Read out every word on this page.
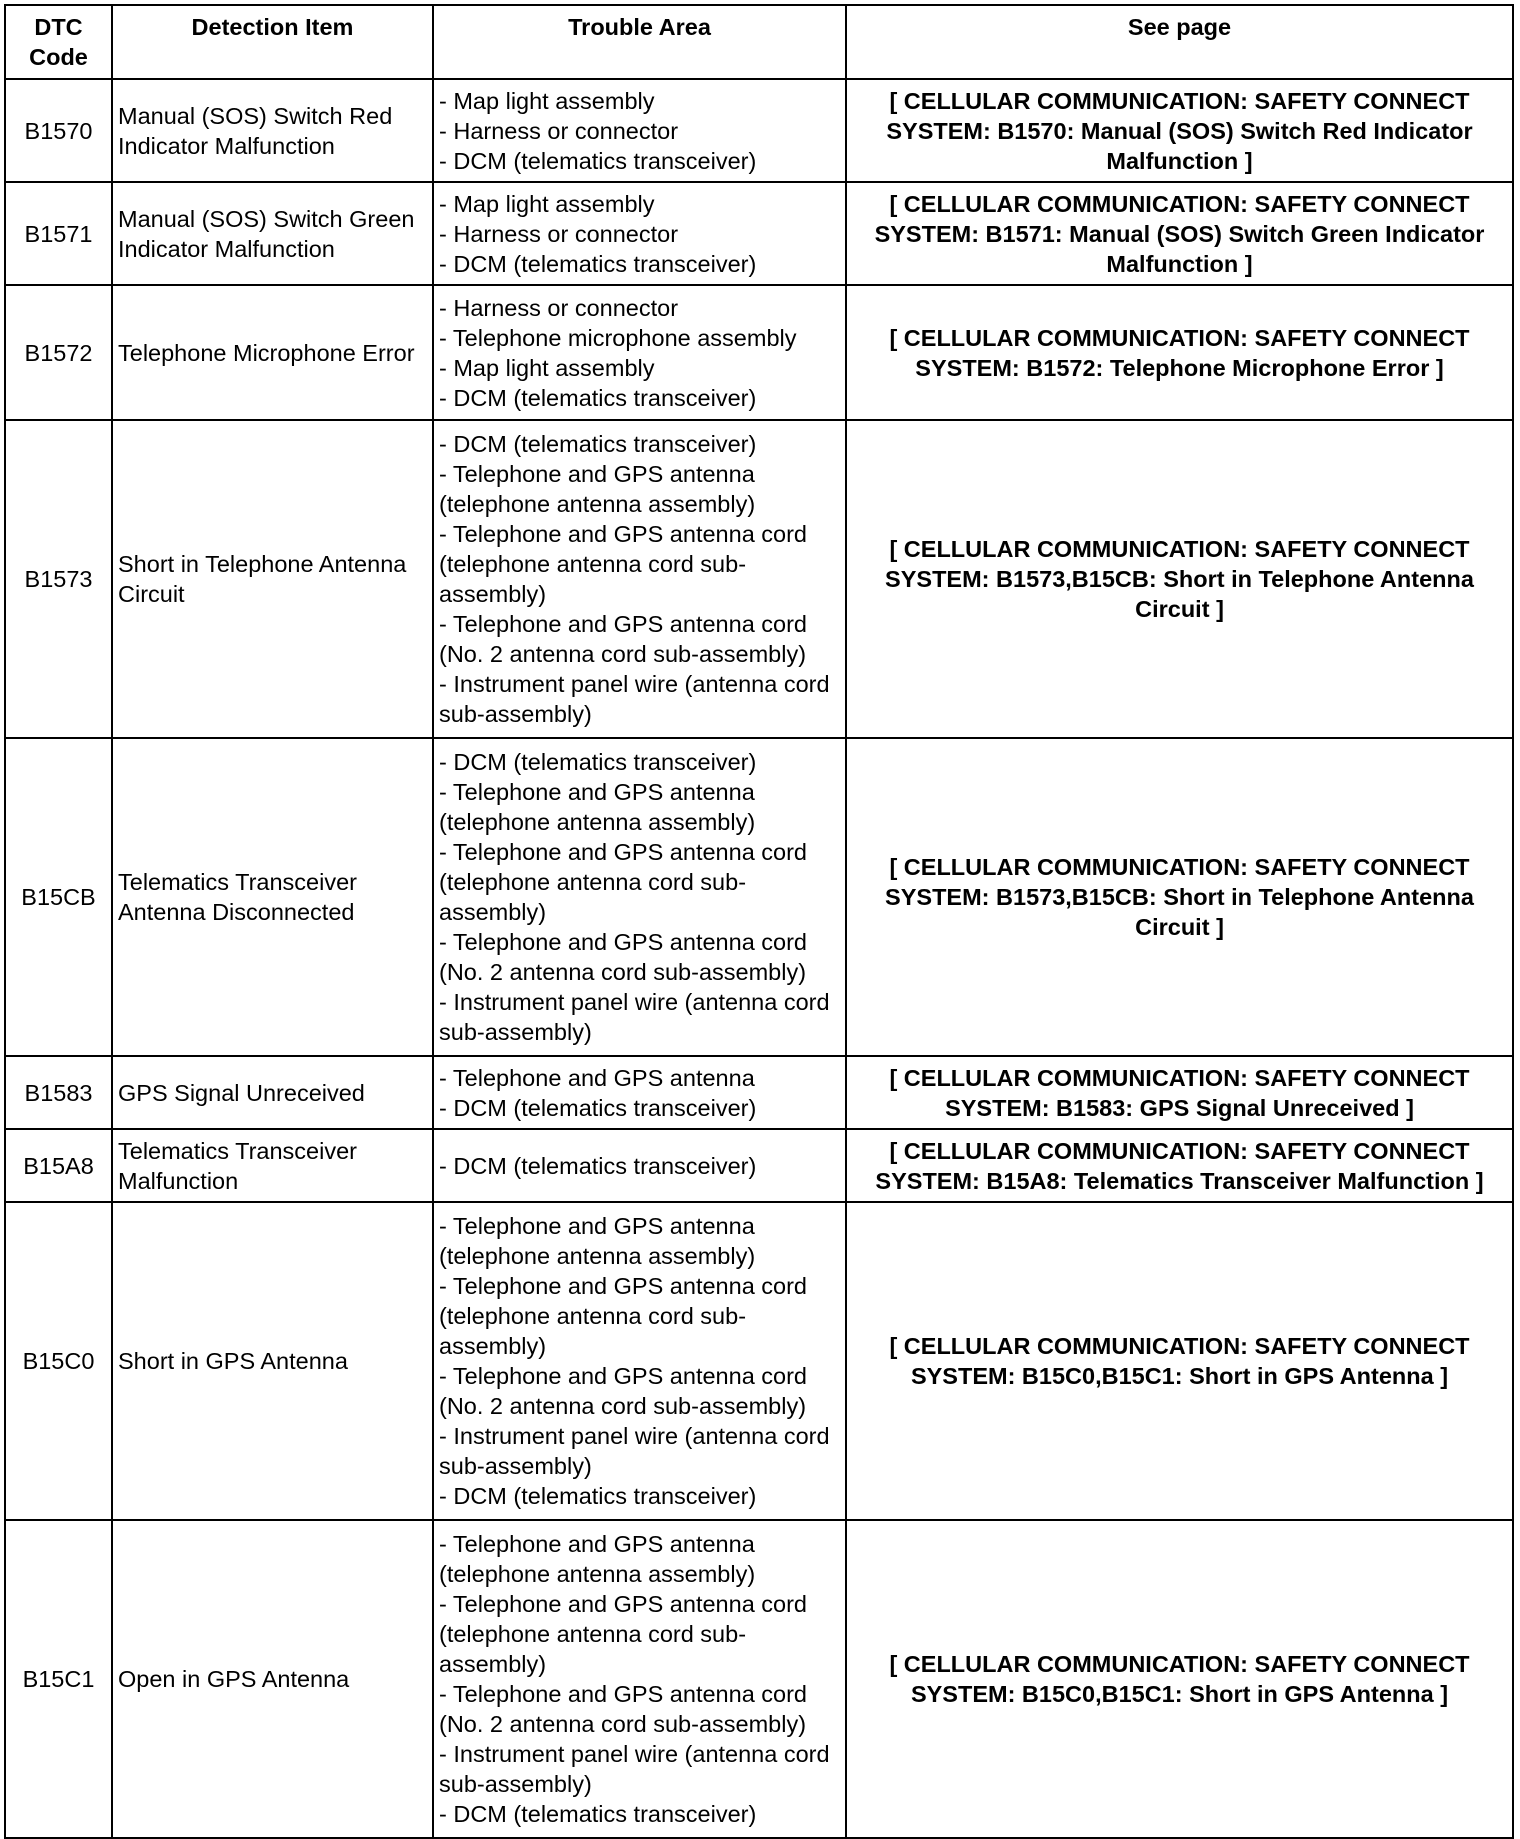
DTC Code	Detection Item	Trouble Area	See page
B1570	Manual (SOS) Switch Red Indicator Malfunction	- Map light assembly
- Harness or connector
- DCM (telematics transceiver)	[ CELLULAR COMMUNICATION: SAFETY CONNECT SYSTEM: B1570: Manual (SOS) Switch Red Indicator Malfunction ]
B1571	Manual (SOS) Switch Green Indicator Malfunction	- Map light assembly
- Harness or connector
- DCM (telematics transceiver)	[ CELLULAR COMMUNICATION: SAFETY CONNECT SYSTEM: B1571: Manual (SOS) Switch Green Indicator Malfunction ]
B1572	Telephone Microphone Error	- Harness or connector
- Telephone microphone assembly
- Map light assembly
- DCM (telematics transceiver)	[ CELLULAR COMMUNICATION: SAFETY CONNECT SYSTEM: B1572: Telephone Microphone Error ]
B1573	Short in Telephone Antenna Circuit	- DCM (telematics transceiver)
- Telephone and GPS antenna (telephone antenna assembly)
- Telephone and GPS antenna cord (telephone antenna cord sub-assembly)
- Telephone and GPS antenna cord (No. 2 antenna cord sub-assembly)
- Instrument panel wire (antenna cord sub-assembly)	[ CELLULAR COMMUNICATION: SAFETY CONNECT SYSTEM: B1573,B15CB: Short in Telephone Antenna Circuit ]
B15CB	Telematics Transceiver Antenna Disconnected	- DCM (telematics transceiver)
- Telephone and GPS antenna (telephone antenna assembly)
- Telephone and GPS antenna cord (telephone antenna cord sub-assembly)
- Telephone and GPS antenna cord (No. 2 antenna cord sub-assembly)
- Instrument panel wire (antenna cord sub-assembly)	[ CELLULAR COMMUNICATION: SAFETY CONNECT SYSTEM: B1573,B15CB: Short in Telephone Antenna Circuit ]
B1583	GPS Signal Unreceived	- Telephone and GPS antenna
- DCM (telematics transceiver)	[ CELLULAR COMMUNICATION: SAFETY CONNECT SYSTEM: B1583: GPS Signal Unreceived ]
B15A8	Telematics Transceiver Malfunction	- DCM (telematics transceiver)	[ CELLULAR COMMUNICATION: SAFETY CONNECT SYSTEM: B15A8: Telematics Transceiver Malfunction ]
B15C0	Short in GPS Antenna	- Telephone and GPS antenna (telephone antenna assembly)
- Telephone and GPS antenna cord (telephone antenna cord sub-assembly)
- Telephone and GPS antenna cord (No. 2 antenna cord sub-assembly)
- Instrument panel wire (antenna cord sub-assembly)
- DCM (telematics transceiver)	[ CELLULAR COMMUNICATION: SAFETY CONNECT SYSTEM: B15C0,B15C1: Short in GPS Antenna ]
B15C1	Open in GPS Antenna	- Telephone and GPS antenna (telephone antenna assembly)
- Telephone and GPS antenna cord (telephone antenna cord sub-assembly)
- Telephone and GPS antenna cord (No. 2 antenna cord sub-assembly)
- Instrument panel wire (antenna cord sub-assembly)
- DCM (telematics transceiver)	[ CELLULAR COMMUNICATION: SAFETY CONNECT SYSTEM: B15C0,B15C1: Short in GPS Antenna ]
